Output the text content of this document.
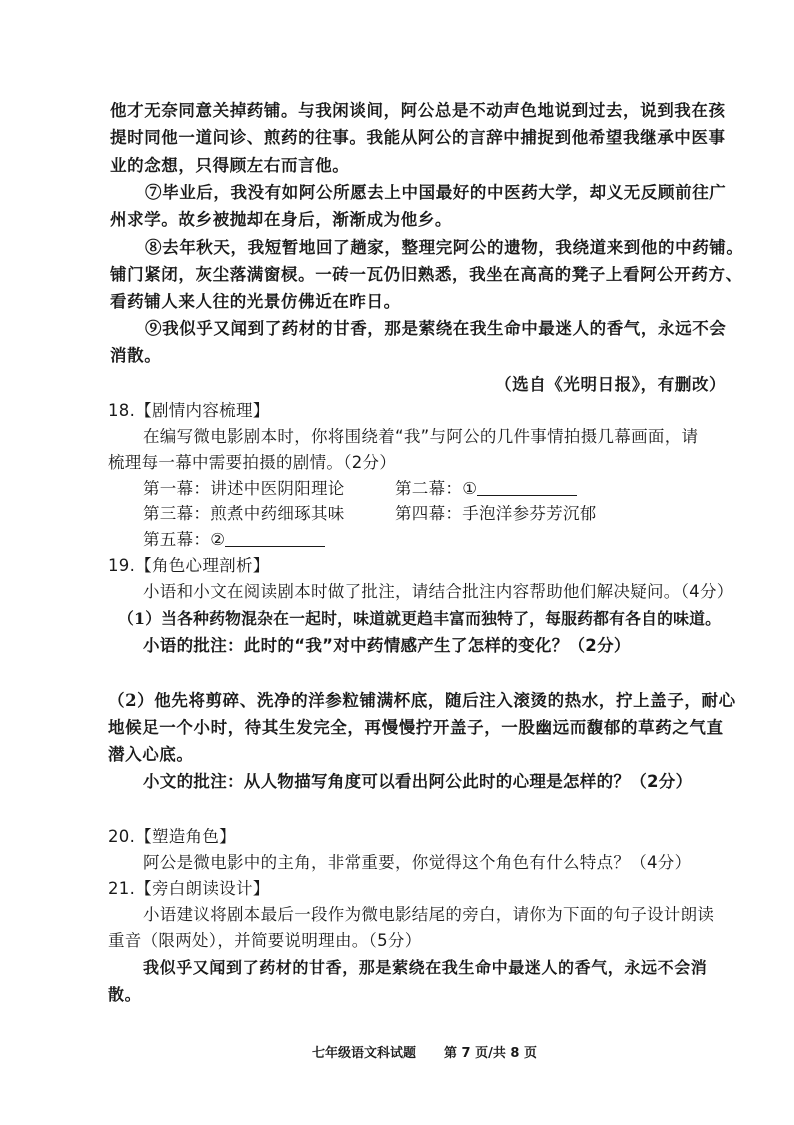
他才无奈同意关掉药铺。与我闲谈间，阿公总是不动声色地说到过去，说到我在孩
提时同他一道问诊、煎药的往事。我能从阿公的言辞中捕捉到他希望我继承中医事
业的念想，只得顾左右而言他。
⑦毕业后，我没有如阿公所愿去上中国最好的中医药大学，却义无反顾前往广
州求学。故乡被抛却在身后，渐渐成为他乡。
⑧去年秋天，我短暂地回了趟家，整理完阿公的遗物，我绕道来到他的中药铺。
铺门紧闭，灰尘落满窗棂。一砖一瓦仍旧熟悉，我坐在高高的凳子上看阿公开药方、
看药铺人来人往的光景仿佛近在昨日。
⑨我似乎又闻到了药材的甘香，那是萦绕在我生命中最迷人的香气，永远不会
消散。
（选自《光明日报》，有删改）
18.【剧情内容梳理】
在编写微电影剧本时，你将围绕着“我”与阿公的几件事情拍摄几幕画面，请
梳理每一幕中需要拍摄的剧情。（2分）
第一幕：讲述中医阴阳理论	第二幕：①
第三幕：煎煮中药细琢其味	第四幕：手泡洋参芬芳沉郁
第五幕：②
19.【角色心理剖析】
小语和小文在阅读剧本时做了批注，请结合批注内容帮助他们解决疑问。（4分）
（1）当各种药物混杂在一起时，味道就更趋丰富而独特了，每服药都有各自的味道。
小语的批注：此时的“我”对中药情感产生了怎样的变化？（2分）
（2）他先将剪碎、洗净的洋参粒铺满杯底，随后注入滚烫的热水，拧上盖子，耐心
地候足一个小时，待其生发完全，再慢慢拧开盖子，一股幽远而馥郁的草药之气直
潜入心底。
小文的批注：从人物描写角度可以看出阿公此时的心理是怎样的？（2分）
20.【塑造角色】
阿公是微电影中的主角，非常重要，你觉得这个角色有什么特点？（4分）
21.【旁白朗读设计】
小语建议将剧本最后一段作为微电影结尾的旁白，请你为下面的句子设计朗读
重音（限两处），并简要说明理由。（5分）
我似乎又闻到了药材的甘香，那是萦绕在我生命中最迷人的香气，永远不会消
散。
七年级语文科试题 第 7 页/共 8 页
